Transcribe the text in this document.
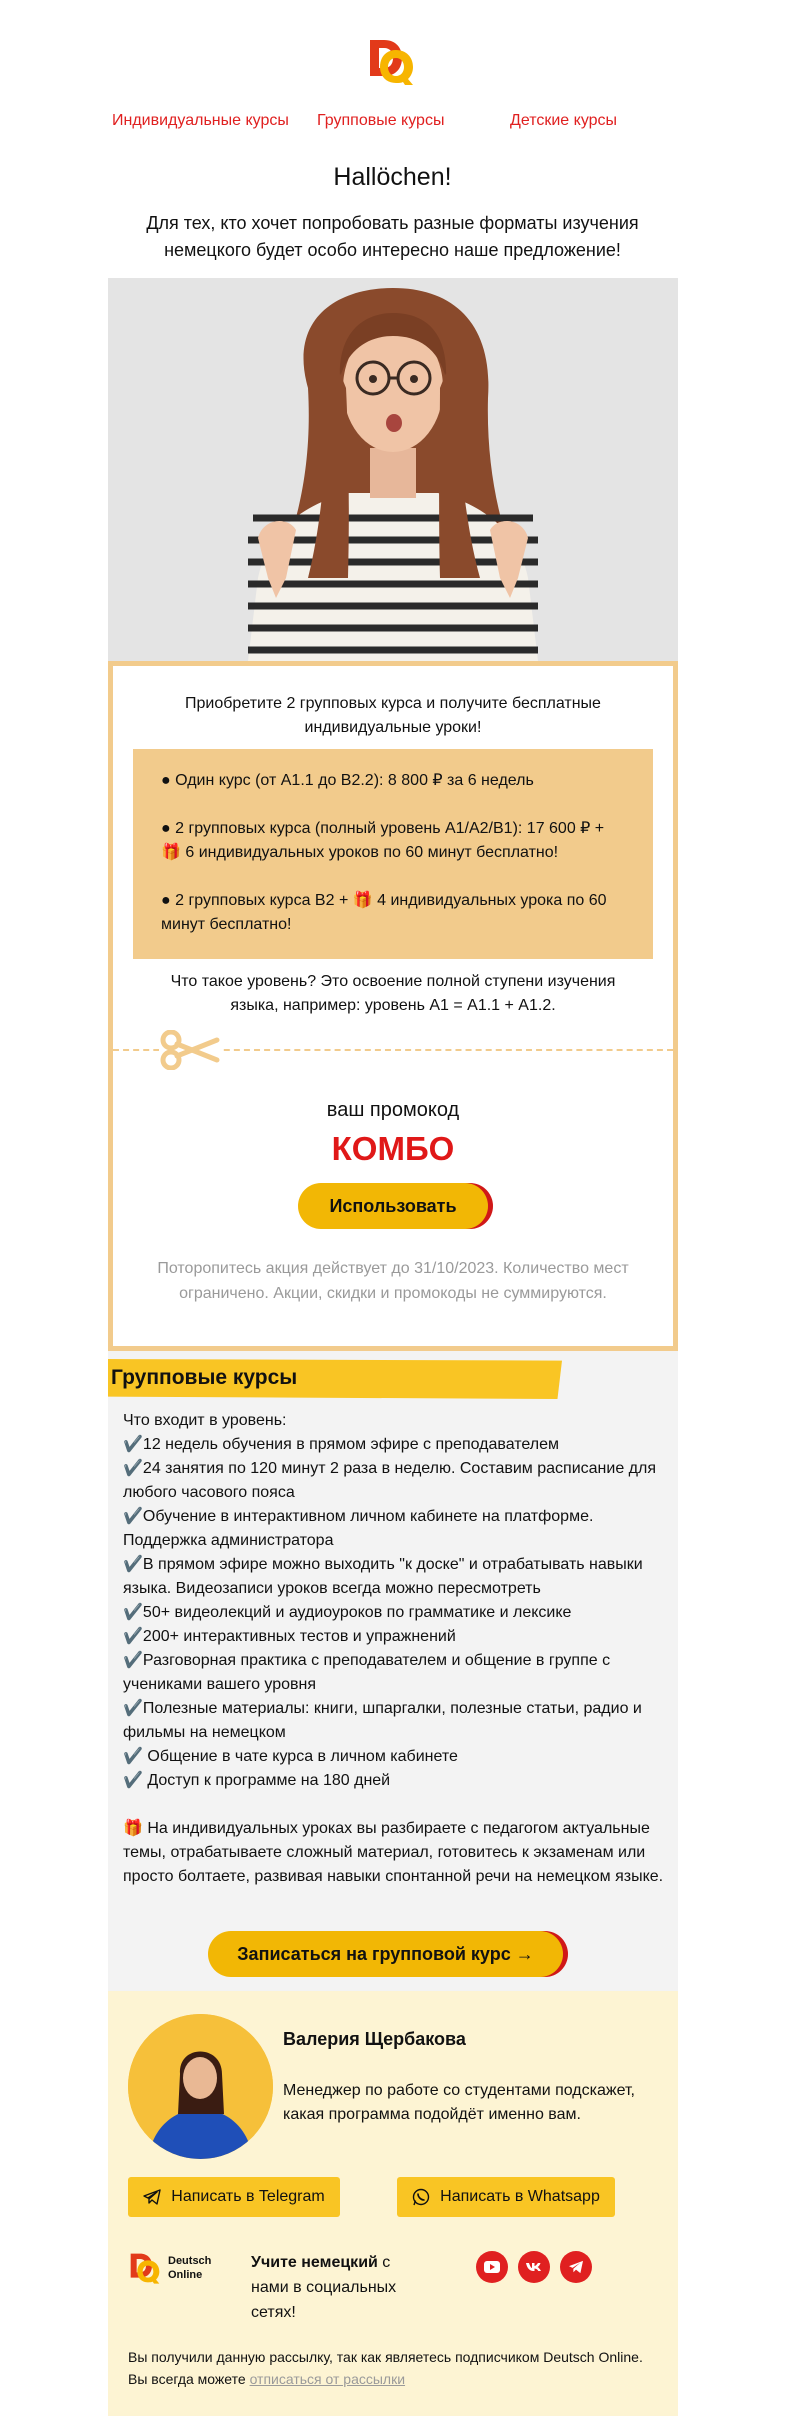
Индивидуальные курсы Групповые курсы	Детские курсы
Hallöchen!
Для тех, кто хочет попробовать разные форматы изучения немецкого будет особо интересно наше предложение!
Приобретите 2 групповых курса и получите бесплатные индивидуальные уроки!

● Один курс (от А1.1 до В2.2): 8 800 ₽ за 6 недель

● 2 групповых курса (полный уровень А1/А2/В1): 17 600 ₽ + 🎁 6 индивидуальных уроков по 60 минут бесплатно!

● 2 групповых курса В2 + 🎁 4 индивидуальных урока по 60 минут бесплатно!

Что такое уровень? Это освоение полной ступени изучения языка, например: уровень А1 = А1.1 + А1.2.
ваш промокод
КОМБО
Использовать
Поторопитесь акция действует до 31/10/2023. Количество мест ограничено. Акции, скидки и промокоды не суммируются.
Групповые курсы
Что входит в уровень:
✔️12 недель обучения в прямом эфире с преподавателем
✔️24 занятия по 120 минут 2 раза в неделю. Составим расписание для любого часового пояса
✔️Обучение в интерактивном личном кабинете на платформе. Поддержка администратора
✔️В прямом эфире можно выходить "к доске" и отрабатывать навыки языка. Видеозаписи уроков всегда можно пересмотреть
✔️50+ видеолекций и аудиоуроков по грамматике и лексике
✔️200+ интерактивных тестов и упражнений
✔️Разговорная практика с преподавателем и общение в группе с учениками вашего уровня
✔️Полезные материалы: книги, шпаргалки, полезные статьи, радио и фильмы на немецком
✔️ Общение в чате курса в личном кабинете
✔️ Доступ к программе на 180 дней
🎁 На индивидуальных уроках вы разбираете с педагогом актуальные темы, отрабатываете сложный материал, готовитесь к экзаменам или просто болтаете, развивая навыки спонтанной речи на немецком языке.
Записаться на групповой курс →
Валерия Щербакова
Менеджер по работе со студентами подскажет, какая программа подойдёт именно вам.
Написать в Telegram	Написать в Whatsapp
Deutsch
Online
Учите немецкий с нами в социальных сетях!
Вы получили данную рассылку, так как являетесь подписчиком Deutsch Online. Вы всегда можете отписаться от рассылки
